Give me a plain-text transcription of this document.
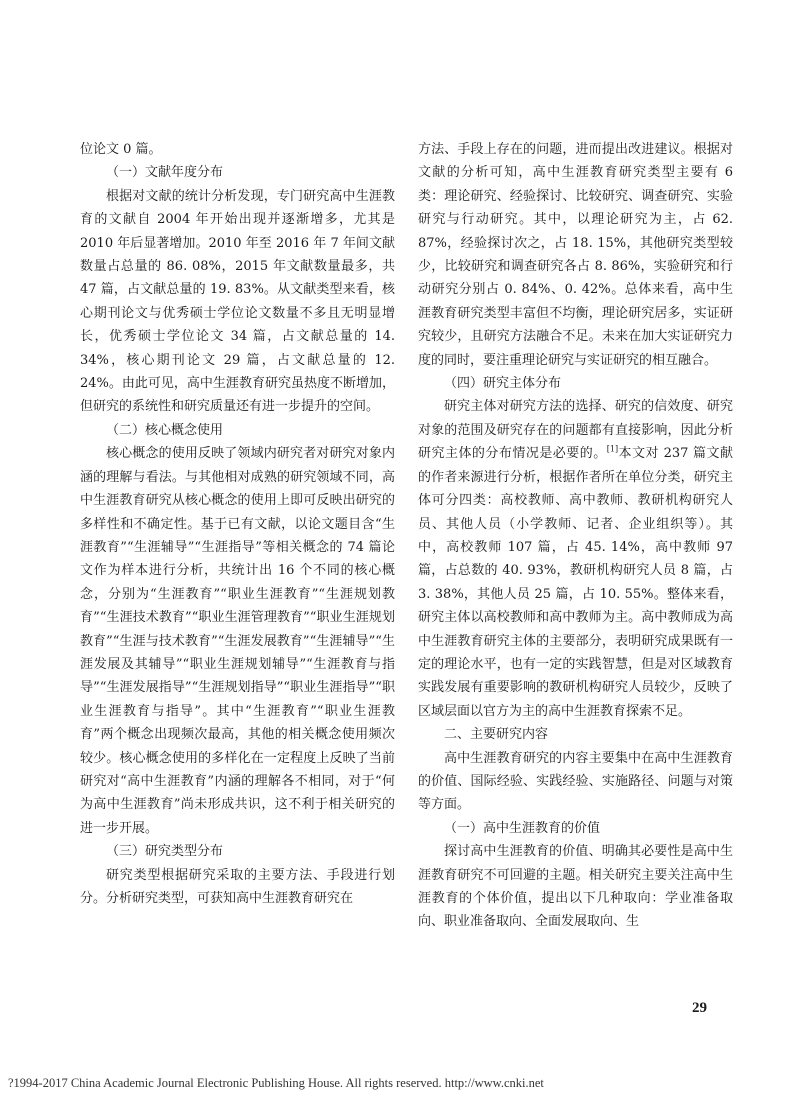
位论文 0 篇。

（一）文献年度分布

根据对文献的统计分析发现，专门研究高中生涯教育的文献自 2004 年开始出现并逐渐增多，尤其是 2010 年后显著增加。2010 年至 2016 年 7 年间文献数量占总量的 86. 08%，2015 年文献数量最多，共 47 篇，占文献总量的 19. 83%。从文献类型来看，核心期刊论文与优秀硕士学位论文数量不多且无明显增长，优秀硕士学位论文 34 篇，占文献总量的 14. 34%，核心期刊论文 29 篇，占文献总量的 12. 24%。由此可见，高中生涯教育研究虽热度不断增加，但研究的系统性和研究质量还有进一步提升的空间。

（二）核心概念使用

核心概念的使用反映了领域内研究者对研究对象内涵的理解与看法。与其他相对成熟的研究领域不同，高中生涯教育研究从核心概念的使用上即可反映出研究的多样性和不确定性。基于已有文献，以论文题目含“生涯教育”“生涯辅导”“生涯指导”等相关概念的 74 篇论文作为样本进行分析，共统计出 16 个不同的核心概念，分别为“生涯教育”“职业生涯教育”“生涯规划教育”“生涯技术教育”“职业生涯管理教育”“职业生涯规划教育”“生涯与技术教育”“生涯发展教育”“生涯辅导”“生涯发展及其辅导”“职业生涯规划辅导”“生涯教育与指导”“生涯发展指导”“生涯规划指导”“职业生涯指导”“职业生涯教育与指导”。其中“生涯教育”“职业生涯教育”两个概念出现频次最高，其他的相关概念使用频次较少。核心概念使用的多样化在一定程度上反映了当前研究对“高中生涯教育”内涵的理解各不相同，对于“何为高中生涯教育”尚未形成共识，这不利于相关研究的进一步开展。

（三）研究类型分布

研究类型根据研究采取的主要方法、手段进行划分。分析研究类型，可获知高中生涯教育研究在

方法、手段上存在的问题，进而提出改进建议。根据对文献的分析可知，高中生涯教育研究类型主要有 6 类：理论研究、经验探讨、比较研究、调查研究、实验研究与行动研究。其中，以理论研究为主，占 62. 87%，经验探讨次之，占 18. 15%，其他研究类型较少，比较研究和调查研究各占 8. 86%，实验研究和行动研究分别占 0. 84%、0. 42%。总体来看，高中生涯教育研究类型丰富但不均衡，理论研究居多，实证研究较少，且研究方法融合不足。未来在加大实证研究力度的同时，要注重理论研究与实证研究的相互融合。

（四）研究主体分布

研究主体对研究方法的选择、研究的信效度、研究对象的范围及研究存在的问题都有直接影响，因此分析研究主体的分布情况是必要的。[1]本文对 237 篇文献的作者来源进行分析，根据作者所在单位分类，研究主体可分四类：高校教师、高中教师、教研机构研究人员、其他人员（小学教师、记者、企业组织等）。其中，高校教师 107 篇，占 45. 14%，高中教师 97 篇，占总数的 40. 93%，教研机构研究人员 8 篇，占 3. 38%，其他人员 25 篇，占 10. 55%。整体来看，研究主体以高校教师和高中教师为主。高中教师成为高中生涯教育研究主体的主要部分，表明研究成果既有一定的理论水平，也有一定的实践智慧，但是对区域教育实践发展有重要影响的教研机构研究人员较少，反映了区域层面以官方为主的高中生涯教育探索不足。

二、主要研究内容

高中生涯教育研究的内容主要集中在高中生涯教育的价值、国际经验、实践经验、实施路径、问题与对策等方面。

（一）高中生涯教育的价值

探讨高中生涯教育的价值、明确其必要性是高中生涯教育研究不可回避的主题。相关研究主要关注高中生涯教育的个体价值，提出以下几种取向：学业准备取向、职业准备取向、全面发展取向、生

29
?1994-2017 China Academic Journal Electronic Publishing House. All rights reserved. http://www.cnki.net
